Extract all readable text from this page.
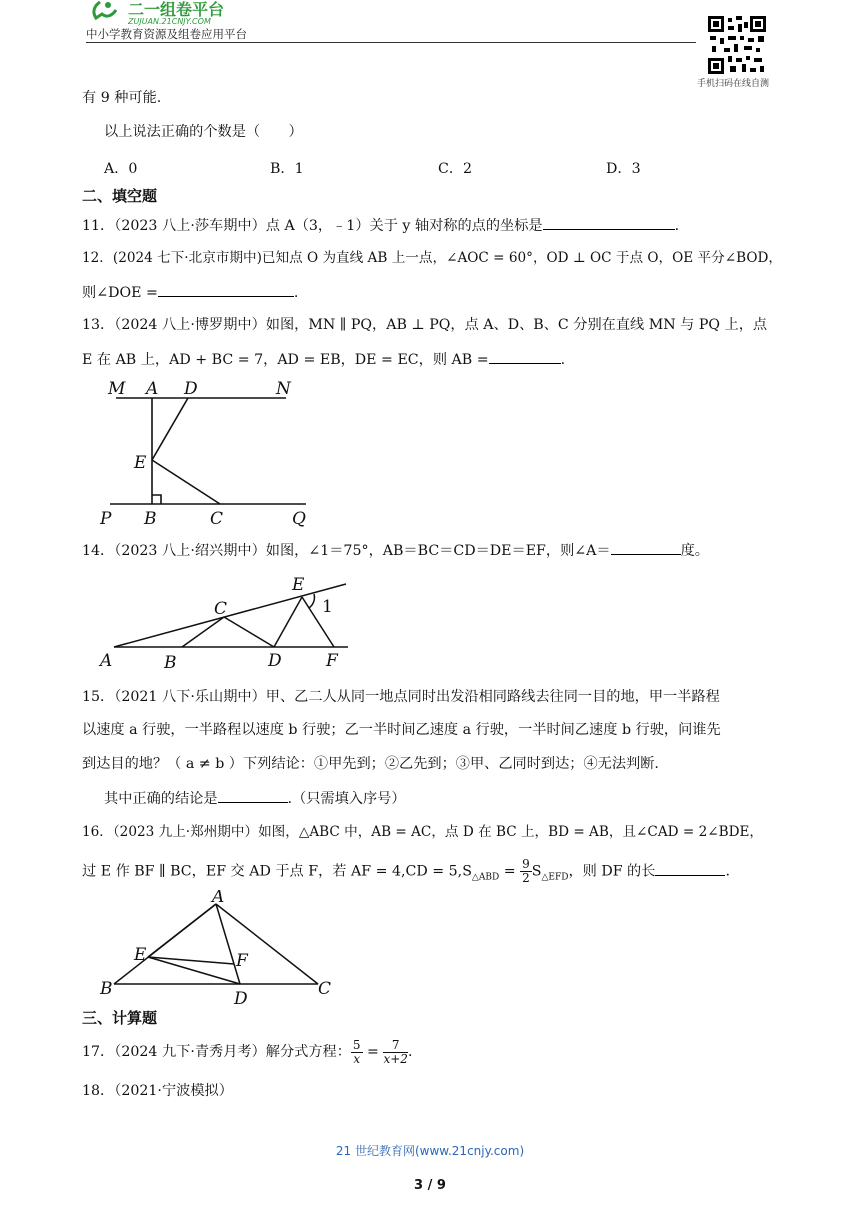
二一组卷平台
ZUJUAN.21CNJY.COM
中小学教育资源及组卷应用平台
手机扫码在线自测
有 9 种可能.
以上说法正确的个数是（　　）
A．0	B．1	C．2	D．3
二、填空题
11．（2023 八上·莎车期中）点 A（3，﹣1）关于 y 轴对称的点的坐标是	.
12．(2024 七下·北京市期中)已知点 O 为直线 AB 上一点，∠AOC = 60°，OD ⊥ OC 于点 O，OE 平分∠BOD，
则∠DOE =	.
13．（2024 八上·博罗期中）如图，MN ∥ PQ，AB ⊥ PQ，点 A、D、B、C 分别在直线 MN 与 PQ 上，点
E 在 AB 上，AD + BC = 7，AD = EB，DE = EC，则 AB =	.
M A D	N
E
P B	C	Q
14．（2023 八上·绍兴期中）如图，∠1＝75°，AB＝BC＝CD＝DE＝EF，则∠A＝	度。
E
C	1
A	B	D	F
15．（2021 八下·乐山期中）甲、乙二人从同一地点同时出发沿相同路线去往同一目的地，甲一半路程
以速度 a 行驶，一半路程以速度 b 行驶；乙一半时间乙速度 a 行驶，一半时间乙速度 b 行驶，问谁先
到达目的地？（ a ≠ b ）下列结论：①甲先到；②乙先到；③甲、乙同时到达；④无法判断.
其中正确的结论是	.（只需填入序号）
16．（2023 九上·郑州期中）如图，△ABC 中，AB = AC，点 D 在 BC 上，BD = AB，且∠CAD = 2∠BDE，
过 E 作 BF ∥ BC，EF 交 AD 于点 F，若 AF = $4,CD = 5,S_{\triangle ABD} = \frac{9}{2} S_{\triangle EFD}$，则 DF 的长	.
A
E	F
B	D	C
三、计算题
17．（2024 九下·青秀月考）解分式方程： $\frac{5}{x} = \frac{7}{x+2}$.
18．（2021·宁波模拟）
21 世纪教育网(www.21cnjy.com)
3 / 9
